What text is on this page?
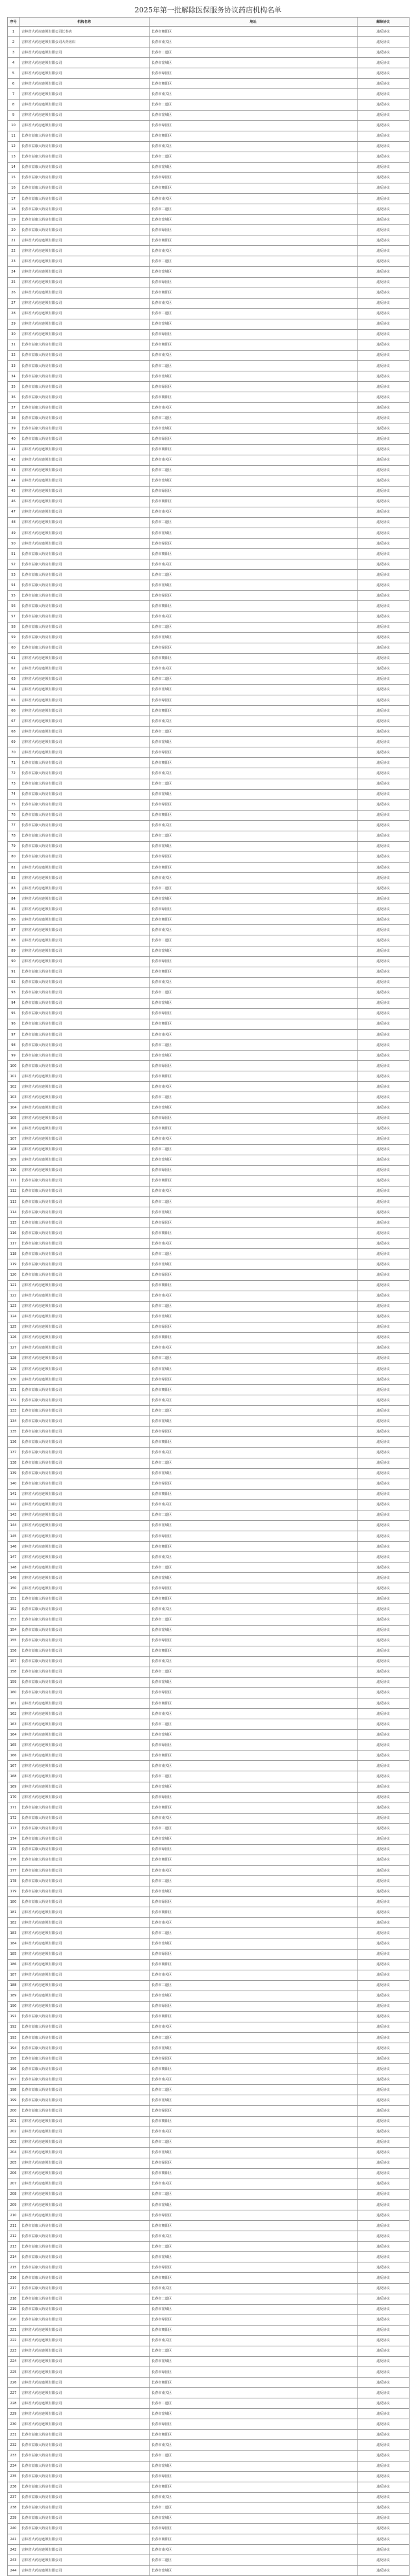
2025年第一批解除医保服务协议药店机构名单
序号	机构名称	地址	解除协议
1	吉林省大药房连锁有限公司长春店	长春市朝阳区	违反协议
2	吉林省大药房连锁有限公司大药房店	长春市南关区	违反协议
3	吉林省大药房连锁有限公司	长春市二道区	违反协议
4	吉林省大药房连锁有限公司	长春市宽城区	违反协议
5	吉林省大药房连锁有限公司	长春市绿园区	违反协议
6	吉林省大药房连锁有限公司	长春市朝阳区	违反协议
7	吉林省大药房连锁有限公司	长春市南关区	违反协议
8	吉林省大药房连锁有限公司	长春市二道区	违反协议
9	吉林省大药房连锁有限公司	长春市宽城区	违反协议
10	吉林省大药房连锁有限公司	长春市绿园区	违反协议
11	长春市益康大药房有限公司	长春市朝阳区	违反协议
12	长春市益康大药房有限公司	长春市南关区	违反协议
13	长春市益康大药房有限公司	长春市二道区	违反协议
14	长春市益康大药房有限公司	长春市宽城区	违反协议
15	长春市益康大药房有限公司	长春市绿园区	违反协议
16	长春市益康大药房有限公司	长春市朝阳区	违反协议
17	长春市益康大药房有限公司	长春市南关区	违反协议
18	长春市益康大药房有限公司	长春市二道区	违反协议
19	长春市益康大药房有限公司	长春市宽城区	违反协议
20	长春市益康大药房有限公司	长春市绿园区	违反协议
21	吉林省大药房连锁有限公司	长春市朝阳区	违反协议
22	吉林省大药房连锁有限公司	长春市南关区	违反协议
23	吉林省大药房连锁有限公司	长春市二道区	违反协议
24	吉林省大药房连锁有限公司	长春市宽城区	违反协议
25	吉林省大药房连锁有限公司	长春市绿园区	违反协议
26	吉林省大药房连锁有限公司	长春市朝阳区	违反协议
27	吉林省大药房连锁有限公司	长春市南关区	违反协议
28	吉林省大药房连锁有限公司	长春市二道区	违反协议
29	吉林省大药房连锁有限公司	长春市宽城区	违反协议
30	吉林省大药房连锁有限公司	长春市绿园区	违反协议
31	长春市益康大药房有限公司	长春市朝阳区	违反协议
32	长春市益康大药房有限公司	长春市南关区	违反协议
33	长春市益康大药房有限公司	长春市二道区	违反协议
34	长春市益康大药房有限公司	长春市宽城区	违反协议
35	长春市益康大药房有限公司	长春市绿园区	违反协议
36	长春市益康大药房有限公司	长春市朝阳区	违反协议
37	长春市益康大药房有限公司	长春市南关区	违反协议
38	长春市益康大药房有限公司	长春市二道区	违反协议
39	长春市益康大药房有限公司	长春市宽城区	违反协议
40	长春市益康大药房有限公司	长春市绿园区	违反协议
41	吉林省大药房连锁有限公司	长春市朝阳区	违反协议
42	吉林省大药房连锁有限公司	长春市南关区	违反协议
43	吉林省大药房连锁有限公司	长春市二道区	违反协议
44	吉林省大药房连锁有限公司	长春市宽城区	违反协议
45	吉林省大药房连锁有限公司	长春市绿园区	违反协议
46	吉林省大药房连锁有限公司	长春市朝阳区	违反协议
47	吉林省大药房连锁有限公司	长春市南关区	违反协议
48	吉林省大药房连锁有限公司	长春市二道区	违反协议
49	吉林省大药房连锁有限公司	长春市宽城区	违反协议
50	吉林省大药房连锁有限公司	长春市绿园区	违反协议
51	长春市益康大药房有限公司	长春市朝阳区	违反协议
52	长春市益康大药房有限公司	长春市南关区	违反协议
53	长春市益康大药房有限公司	长春市二道区	违反协议
54	长春市益康大药房有限公司	长春市宽城区	违反协议
55	长春市益康大药房有限公司	长春市绿园区	违反协议
56	长春市益康大药房有限公司	长春市朝阳区	违反协议
57	长春市益康大药房有限公司	长春市南关区	违反协议
58	长春市益康大药房有限公司	长春市二道区	违反协议
59	长春市益康大药房有限公司	长春市宽城区	违反协议
60	长春市益康大药房有限公司	长春市绿园区	违反协议
61	吉林省大药房连锁有限公司	长春市朝阳区	违反协议
62	吉林省大药房连锁有限公司	长春市南关区	违反协议
63	吉林省大药房连锁有限公司	长春市二道区	违反协议
64	吉林省大药房连锁有限公司	长春市宽城区	违反协议
65	吉林省大药房连锁有限公司	长春市绿园区	违反协议
66	吉林省大药房连锁有限公司	长春市朝阳区	违反协议
67	吉林省大药房连锁有限公司	长春市南关区	违反协议
68	吉林省大药房连锁有限公司	长春市二道区	违反协议
69	吉林省大药房连锁有限公司	长春市宽城区	违反协议
70	吉林省大药房连锁有限公司	长春市绿园区	违反协议
71	长春市益康大药房有限公司	长春市朝阳区	违反协议
72	长春市益康大药房有限公司	长春市南关区	违反协议
73	长春市益康大药房有限公司	长春市二道区	违反协议
74	长春市益康大药房有限公司	长春市宽城区	违反协议
75	长春市益康大药房有限公司	长春市绿园区	违反协议
76	长春市益康大药房有限公司	长春市朝阳区	违反协议
77	长春市益康大药房有限公司	长春市南关区	违反协议
78	长春市益康大药房有限公司	长春市二道区	违反协议
79	长春市益康大药房有限公司	长春市宽城区	违反协议
80	长春市益康大药房有限公司	长春市绿园区	违反协议
81	吉林省大药房连锁有限公司	长春市朝阳区	违反协议
82	吉林省大药房连锁有限公司	长春市南关区	违反协议
83	吉林省大药房连锁有限公司	长春市二道区	违反协议
84	吉林省大药房连锁有限公司	长春市宽城区	违反协议
85	吉林省大药房连锁有限公司	长春市绿园区	违反协议
86	吉林省大药房连锁有限公司	长春市朝阳区	违反协议
87	吉林省大药房连锁有限公司	长春市南关区	违反协议
88	吉林省大药房连锁有限公司	长春市二道区	违反协议
89	吉林省大药房连锁有限公司	长春市宽城区	违反协议
90	吉林省大药房连锁有限公司	长春市绿园区	违反协议
91	长春市益康大药房有限公司	长春市朝阳区	违反协议
92	长春市益康大药房有限公司	长春市南关区	违反协议
93	长春市益康大药房有限公司	长春市二道区	违反协议
94	长春市益康大药房有限公司	长春市宽城区	违反协议
95	长春市益康大药房有限公司	长春市绿园区	违反协议
96	长春市益康大药房有限公司	长春市朝阳区	违反协议
97	长春市益康大药房有限公司	长春市南关区	违反协议
98	长春市益康大药房有限公司	长春市二道区	违反协议
99	长春市益康大药房有限公司	长春市宽城区	违反协议
100	长春市益康大药房有限公司	长春市绿园区	违反协议
101	吉林省大药房连锁有限公司	长春市朝阳区	违反协议
102	吉林省大药房连锁有限公司	长春市南关区	违反协议
103	吉林省大药房连锁有限公司	长春市二道区	违反协议
104	吉林省大药房连锁有限公司	长春市宽城区	违反协议
105	吉林省大药房连锁有限公司	长春市绿园区	违反协议
106	吉林省大药房连锁有限公司	长春市朝阳区	违反协议
107	吉林省大药房连锁有限公司	长春市南关区	违反协议
108	吉林省大药房连锁有限公司	长春市二道区	违反协议
109	吉林省大药房连锁有限公司	长春市宽城区	违反协议
110	吉林省大药房连锁有限公司	长春市绿园区	违反协议
111	长春市益康大药房有限公司	长春市朝阳区	违反协议
112	长春市益康大药房有限公司	长春市南关区	违反协议
113	长春市益康大药房有限公司	长春市二道区	违反协议
114	长春市益康大药房有限公司	长春市宽城区	违反协议
115	长春市益康大药房有限公司	长春市绿园区	违反协议
116	长春市益康大药房有限公司	长春市朝阳区	违反协议
117	长春市益康大药房有限公司	长春市南关区	违反协议
118	长春市益康大药房有限公司	长春市二道区	违反协议
119	长春市益康大药房有限公司	长春市宽城区	违反协议
120	长春市益康大药房有限公司	长春市绿园区	违反协议
121	吉林省大药房连锁有限公司	长春市朝阳区	违反协议
122	吉林省大药房连锁有限公司	长春市南关区	违反协议
123	吉林省大药房连锁有限公司	长春市二道区	违反协议
124	吉林省大药房连锁有限公司	长春市宽城区	违反协议
125	吉林省大药房连锁有限公司	长春市绿园区	违反协议
126	吉林省大药房连锁有限公司	长春市朝阳区	违反协议
127	吉林省大药房连锁有限公司	长春市南关区	违反协议
128	吉林省大药房连锁有限公司	长春市二道区	违反协议
129	吉林省大药房连锁有限公司	长春市宽城区	违反协议
130	吉林省大药房连锁有限公司	长春市绿园区	违反协议
131	长春市益康大药房有限公司	长春市朝阳区	违反协议
132	长春市益康大药房有限公司	长春市南关区	违反协议
133	长春市益康大药房有限公司	长春市二道区	违反协议
134	长春市益康大药房有限公司	长春市宽城区	违反协议
135	长春市益康大药房有限公司	长春市绿园区	违反协议
136	长春市益康大药房有限公司	长春市朝阳区	违反协议
137	长春市益康大药房有限公司	长春市南关区	违反协议
138	长春市益康大药房有限公司	长春市二道区	违反协议
139	长春市益康大药房有限公司	长春市宽城区	违反协议
140	长春市益康大药房有限公司	长春市绿园区	违反协议
141	吉林省大药房连锁有限公司	长春市朝阳区	违反协议
142	吉林省大药房连锁有限公司	长春市南关区	违反协议
143	吉林省大药房连锁有限公司	长春市二道区	违反协议
144	吉林省大药房连锁有限公司	长春市宽城区	违反协议
145	吉林省大药房连锁有限公司	长春市绿园区	违反协议
146	吉林省大药房连锁有限公司	长春市朝阳区	违反协议
147	吉林省大药房连锁有限公司	长春市南关区	违反协议
148	吉林省大药房连锁有限公司	长春市二道区	违反协议
149	吉林省大药房连锁有限公司	长春市宽城区	违反协议
150	吉林省大药房连锁有限公司	长春市绿园区	违反协议
151	长春市益康大药房有限公司	长春市朝阳区	违反协议
152	长春市益康大药房有限公司	长春市南关区	违反协议
153	长春市益康大药房有限公司	长春市二道区	违反协议
154	长春市益康大药房有限公司	长春市宽城区	违反协议
155	长春市益康大药房有限公司	长春市绿园区	违反协议
156	长春市益康大药房有限公司	长春市朝阳区	违反协议
157	长春市益康大药房有限公司	长春市南关区	违反协议
158	长春市益康大药房有限公司	长春市二道区	违反协议
159	长春市益康大药房有限公司	长春市宽城区	违反协议
160	长春市益康大药房有限公司	长春市绿园区	违反协议
161	吉林省大药房连锁有限公司	长春市朝阳区	违反协议
162	吉林省大药房连锁有限公司	长春市南关区	违反协议
163	吉林省大药房连锁有限公司	长春市二道区	违反协议
164	吉林省大药房连锁有限公司	长春市宽城区	违反协议
165	吉林省大药房连锁有限公司	长春市绿园区	违反协议
166	吉林省大药房连锁有限公司	长春市朝阳区	违反协议
167	吉林省大药房连锁有限公司	长春市南关区	违反协议
168	吉林省大药房连锁有限公司	长春市二道区	违反协议
169	吉林省大药房连锁有限公司	长春市宽城区	违反协议
170	吉林省大药房连锁有限公司	长春市绿园区	违反协议
171	长春市益康大药房有限公司	长春市朝阳区	违反协议
172	长春市益康大药房有限公司	长春市南关区	违反协议
173	长春市益康大药房有限公司	长春市二道区	违反协议
174	长春市益康大药房有限公司	长春市宽城区	违反协议
175	长春市益康大药房有限公司	长春市绿园区	违反协议
176	长春市益康大药房有限公司	长春市朝阳区	违反协议
177	长春市益康大药房有限公司	长春市南关区	违反协议
178	长春市益康大药房有限公司	长春市二道区	违反协议
179	长春市益康大药房有限公司	长春市宽城区	违反协议
180	长春市益康大药房有限公司	长春市绿园区	违反协议
181	吉林省大药房连锁有限公司	长春市朝阳区	违反协议
182	吉林省大药房连锁有限公司	长春市南关区	违反协议
183	吉林省大药房连锁有限公司	长春市二道区	违反协议
184	吉林省大药房连锁有限公司	长春市宽城区	违反协议
185	吉林省大药房连锁有限公司	长春市绿园区	违反协议
186	吉林省大药房连锁有限公司	长春市朝阳区	违反协议
187	吉林省大药房连锁有限公司	长春市南关区	违反协议
188	吉林省大药房连锁有限公司	长春市二道区	违反协议
189	吉林省大药房连锁有限公司	长春市宽城区	违反协议
190	吉林省大药房连锁有限公司	长春市绿园区	违反协议
191	长春市益康大药房有限公司	长春市朝阳区	违反协议
192	长春市益康大药房有限公司	长春市南关区	违反协议
193	长春市益康大药房有限公司	长春市二道区	违反协议
194	长春市益康大药房有限公司	长春市宽城区	违反协议
195	长春市益康大药房有限公司	长春市绿园区	违反协议
196	长春市益康大药房有限公司	长春市朝阳区	违反协议
197	长春市益康大药房有限公司	长春市南关区	违反协议
198	长春市益康大药房有限公司	长春市二道区	违反协议
199	长春市益康大药房有限公司	长春市宽城区	违反协议
200	长春市益康大药房有限公司	长春市绿园区	违反协议
201	吉林省大药房连锁有限公司	长春市朝阳区	违反协议
202	吉林省大药房连锁有限公司	长春市南关区	违反协议
203	吉林省大药房连锁有限公司	长春市二道区	违反协议
204	吉林省大药房连锁有限公司	长春市宽城区	违反协议
205	吉林省大药房连锁有限公司	长春市绿园区	违反协议
206	吉林省大药房连锁有限公司	长春市朝阳区	违反协议
207	吉林省大药房连锁有限公司	长春市南关区	违反协议
208	吉林省大药房连锁有限公司	长春市二道区	违反协议
209	吉林省大药房连锁有限公司	长春市宽城区	违反协议
210	吉林省大药房连锁有限公司	长春市绿园区	违反协议
211	长春市益康大药房有限公司	长春市朝阳区	违反协议
212	长春市益康大药房有限公司	长春市南关区	违反协议
213	长春市益康大药房有限公司	长春市二道区	违反协议
214	长春市益康大药房有限公司	长春市宽城区	违反协议
215	长春市益康大药房有限公司	长春市绿园区	违反协议
216	长春市益康大药房有限公司	长春市朝阳区	违反协议
217	长春市益康大药房有限公司	长春市南关区	违反协议
218	长春市益康大药房有限公司	长春市二道区	违反协议
219	长春市益康大药房有限公司	长春市宽城区	违反协议
220	长春市益康大药房有限公司	长春市绿园区	违反协议
221	吉林省大药房连锁有限公司	长春市朝阳区	违反协议
222	吉林省大药房连锁有限公司	长春市南关区	违反协议
223	吉林省大药房连锁有限公司	长春市二道区	违反协议
224	吉林省大药房连锁有限公司	长春市宽城区	违反协议
225	吉林省大药房连锁有限公司	长春市绿园区	违反协议
226	吉林省大药房连锁有限公司	长春市朝阳区	违反协议
227	吉林省大药房连锁有限公司	长春市南关区	违反协议
228	吉林省大药房连锁有限公司	长春市二道区	违反协议
229	吉林省大药房连锁有限公司	长春市宽城区	违反协议
230	吉林省大药房连锁有限公司	长春市绿园区	违反协议
231	长春市益康大药房有限公司	长春市朝阳区	违反协议
232	长春市益康大药房有限公司	长春市南关区	违反协议
233	长春市益康大药房有限公司	长春市二道区	违反协议
234	长春市益康大药房有限公司	长春市宽城区	违反协议
235	长春市益康大药房有限公司	长春市绿园区	违反协议
236	长春市益康大药房有限公司	长春市朝阳区	违反协议
237	长春市益康大药房有限公司	长春市南关区	违反协议
238	长春市益康大药房有限公司	长春市二道区	违反协议
239	长春市益康大药房有限公司	长春市宽城区	违反协议
240	长春市益康大药房有限公司	长春市绿园区	违反协议
241	吉林省大药房连锁有限公司	长春市朝阳区	违反协议
242	吉林省大药房连锁有限公司	长春市南关区	违反协议
243	吉林省大药房连锁有限公司	长春市二道区	违反协议
244	吉林省大药房连锁有限公司	长春市宽城区	违反协议
